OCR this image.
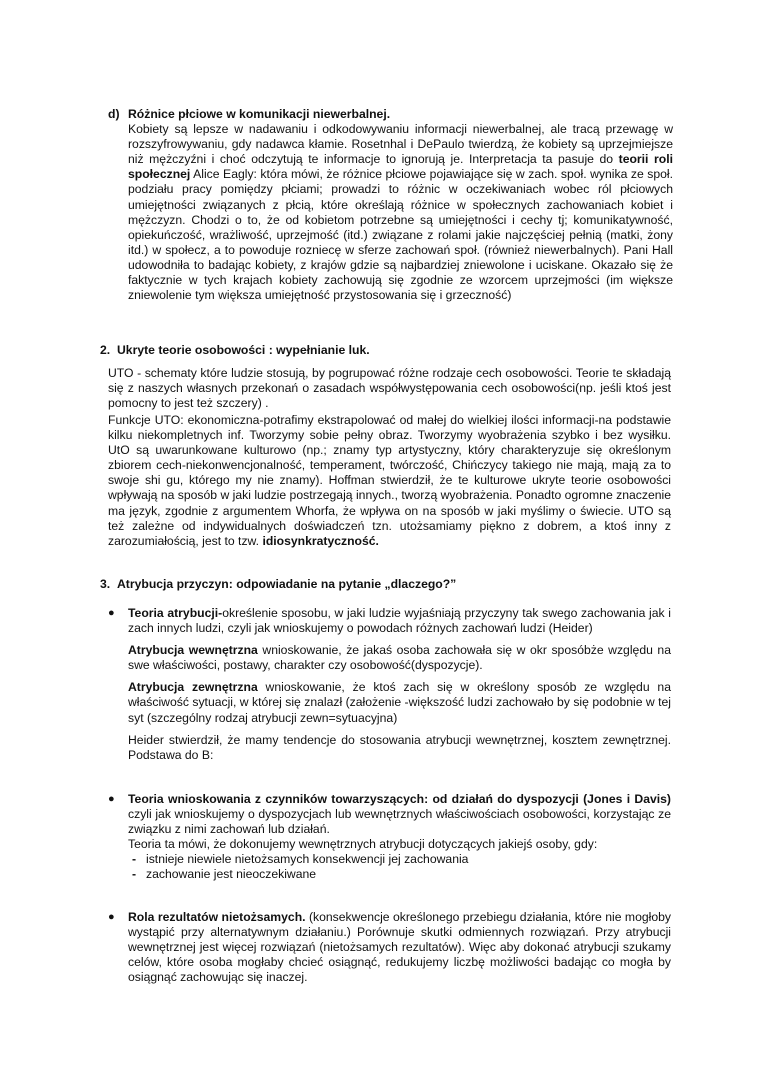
d) Różnice płciowe w komunikacji niewerbalnej.

Kobiety są lepsze w nadawaniu i odkodowywaniu informacji niewerbalnej, ale tracą przewagę w rozszyfrowywaniu, gdy nadawca kłamie. Rosetnhal i DePaulo twierdzą, że kobiety są uprzejmiejsze niż mężczyźni i choć odczytują te informacje to ignorują je. Interpretacja ta pasuje do teorii roli społecznej Alice Eagly: która mówi, że różnice płciowe pojawiające się w zach. społ. wynika ze społ. podziału pracy pomiędzy płciami; prowadzi to różnic w oczekiwaniach wobec ról płciowych umiejętności związanych z płcią, które określają różnice w społecznych zachowaniach kobiet i mężczyzn. Chodzi o to, że od kobietom potrzebne są umiejętności i cechy tj; komunikatywność, opiekuńczość, wrażliwość, uprzejmość (itd.) związane z rolami jakie najczęściej pełnią (matki, żony itd.) w społecz, a to powoduje rozniecę w sferze zachowań społ. (również niewerbalnych). Pani Hall udowodniła to badając kobiety, z krajów gdzie są najbardziej zniewolone i uciskane. Okazało się że faktycznie w tych krajach kobiety zachowują się zgodnie ze wzorcem uprzejmości (im większe zniewolenie tym większa umiejętność przystosowania się i grzeczność)

2. Ukryte teorie osobowości : wypełnianie luk.

UTO - schematy które ludzie stosują, by pogrupować różne rodzaje cech osobowości. Teorie te składają się z naszych własnych przekonań o zasadach współwystępowania cech osobowości(np. jeśli ktoś jest pomocny to jest też szczery) .

Funkcje UTO: ekonomiczna-potrafimy ekstrapolować od małej do wielkiej ilości informacji-na podstawie kilku niekompletnych inf. Tworzymy sobie pełny obraz. Tworzymy wyobrażenia szybko i bez wysiłku. UtO są uwarunkowane kulturowo (np.; znamy typ artystyczny, który charakteryzuje się określonym zbiorem cech-niekonwencjonalność, temperament, twórczość, Chińczycy takiego nie mają, mają za to swoje shi gu, którego my nie znamy). Hoffman stwierdził, że te kulturowe ukryte teorie osobowości wpływają na sposób w jaki ludzie postrzegają innych., tworzą wyobrażenia. Ponadto ogromne znaczenie ma język, zgodnie z argumentem Whorfa, że wpływa on na sposób w jaki myślimy o świecie. UTO są też zależne od indywidualnych doświadczeń tzn. utożsamiamy piękno z dobrem, a ktoś inny z zarozumiałością, jest to tzw. idiosynkratyczność.

3. Atrybucja przyczyn: odpowiadanie na pytanie „dlaczego?”
●	Teoria atrybucji-określenie sposobu, w jaki ludzie wyjaśniają przyczyny tak swego zachowania jak i zach innych ludzi, czyli jak wnioskujemy o powodach różnych zachowań ludzi (Heider)

Atrybucja wewnętrzna wnioskowanie, że jakaś osoba zachowała się w okr sposóbże względu na swe właściwości, postawy, charakter czy osobowość(dyspozycje).

Atrybucja zewnętrzna wnioskowanie, że ktoś zach się w określony sposób ze względu na właściwość sytuacji, w której się znalazł (założenie -większość ludzi zachowało by się podobnie w tej syt (szczególny rodzaj atrybucji zewn=sytuacyjna)

Heider stwierdził, że mamy tendencje do stosowania atrybucji wewnętrznej, kosztem zewnętrznej. Podstawa do B:

●	Teoria wnioskowania z czynników towarzyszących: od działań do dyspozycji (Jones i Davis) czyli jak wnioskujemy o dyspozycjach lub wewnętrznych właściwościach osobowości, korzystając ze związku z nimi zachowań lub działań.

Teoria ta mówi, że dokonujemy wewnętrznych atrybucji dotyczących jakiejś osoby, gdy:

- istnieje niewiele nietożsamych konsekwencji jej zachowania
- zachowanie jest nieoczekiwane
●	Rola rezultatów nietożsamych. (konsekwencje określonego przebiegu działania, które nie mogłoby wystąpić przy alternatywnym działaniu.) Porównuje skutki odmiennych rozwiązań. Przy atrybucji wewnętrznej jest więcej rozwiązań (nietożsamych rezultatów). Więc aby dokonać atrybucji szukamy celów, które osoba mogłaby chcieć osiągnąć, redukujemy liczbę możliwości badając co mogła by osiągnąć zachowując się inaczej.
